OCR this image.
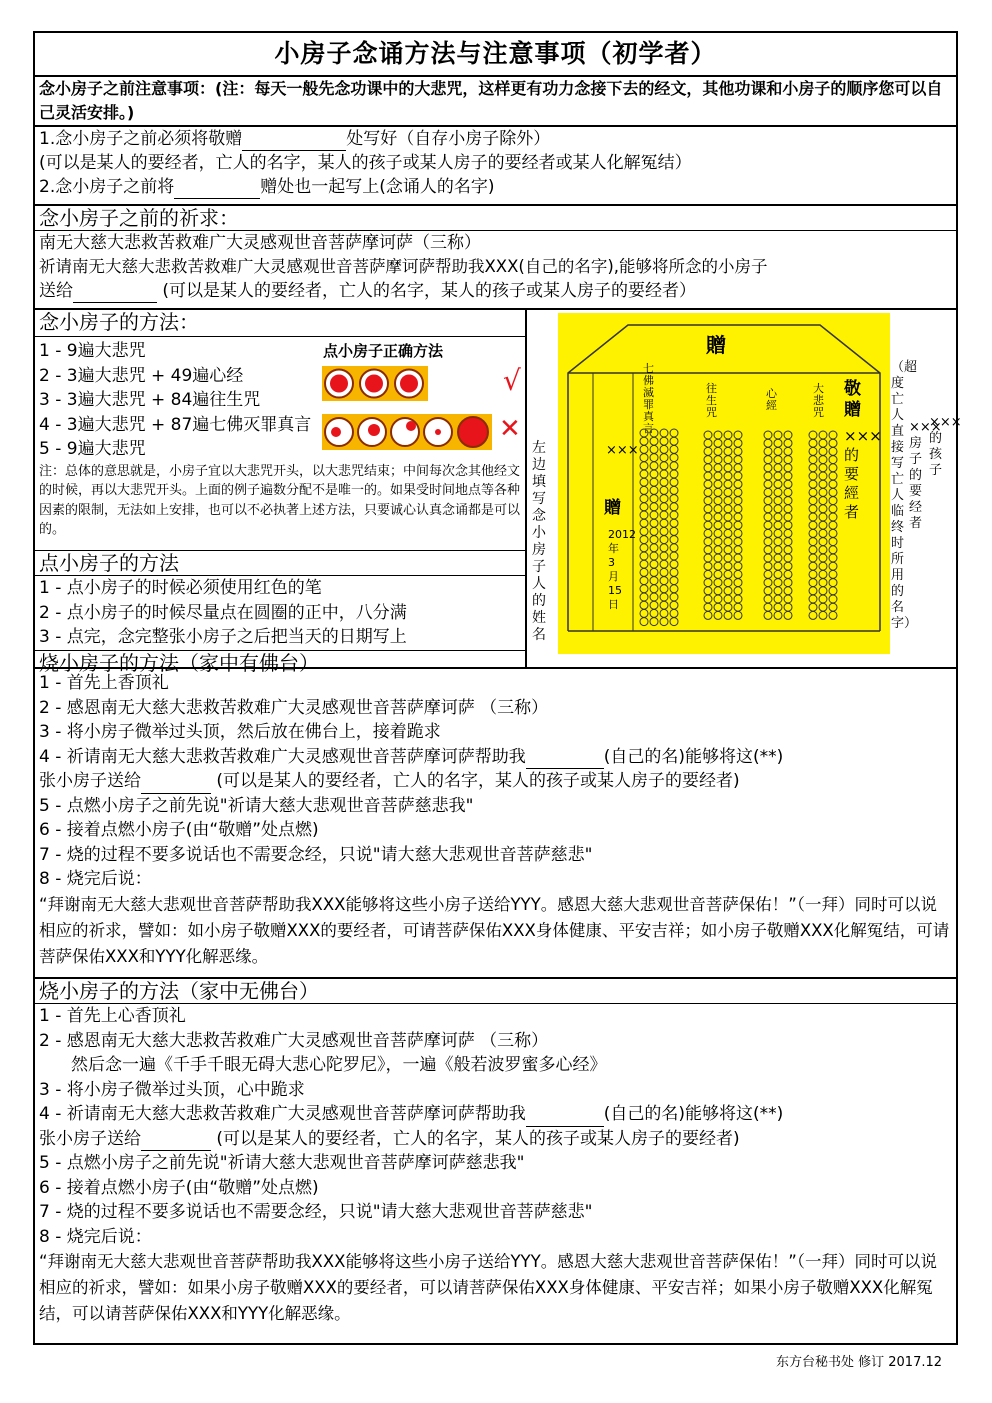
小房子念诵方法与注意事项（初学者）
念小房子之前注意事项：(注：每天一般先念功课中的大悲咒，这样更有功力念接下去的经文，其他功课和小房子的顺序您可以自己灵活安排。)
1.念小房子之前必须将敬赠	处写好（自存小房子除外）
(可以是某人的要经者，亡人的名字，某人的孩子或某人房子的要经者或某人化解冤结）
2.念小房子之前将	赠处也一起写上(念诵人的名字)
念小房子之前的祈求：
南无大慈大悲救苦救难广大灵感观世音菩萨摩诃萨（三称）
祈请南无大慈大悲救苦救难广大灵感观世音菩萨摩诃萨帮助我XXX(自己的名字),能够将所念的小房子
送给	(可以是某人的要经者，亡人的名字，某人的孩子或某人房子的要经者）
念小房子的方法：
1 - 9遍大悲咒
2 - 3遍大悲咒 + 49遍心经
3 - 3遍大悲咒 + 84遍往生咒
4 - 3遍大悲咒 + 87遍七佛灭罪真言
5 - 9遍大悲咒
注：总体的意思就是，小房子宜以大悲咒开头，以大悲咒结束；中间每次念其他经文的时候，再以大悲咒开头。上面的例子遍数分配不是唯一的。如果受时间地点等各种因素的限制，无法如上安排，也可以不必执著上述方法，只要诚心认真念诵都是可以的。
点小房子正确方法
√
✕
点小房子的方法
1 - 点小房子的时候必须使用红色的笔
2 - 点小房子的时候尽量点在圆圈的正中，八分满
3 - 点完，念完整张小房子之后把当天的日期写上
烧小房子的方法（家中有佛台）
左边填写念小房子人的姓名
贈
七佛滅罪真言
往生咒
心經
大悲咒
敬贈
×××的要經者
×××
贈
2012年3月15日
（超度亡人直接写亡人临终时所用的名字）
×××房子的要经者
×××的孩子
1 - 首先上香顶礼
2 - 感恩南无大慈大悲救苦救难广大灵感观世音菩萨摩诃萨 （三称）
3 - 将小房子微举过头顶，然后放在佛台上，接着跪求
4 - 祈请南无大慈大悲救苦救难广大灵感观世音菩萨摩诃萨帮助我	(自己的名)能够将这(**)
张小房子送给	(可以是某人的要经者，亡人的名字，某人的孩子或某人房子的要经者)
5 - 点燃小房子之前先说"祈请大慈大悲观世音菩萨慈悲我"
6 - 接着点燃小房子(由“敬赠”处点燃)
7 - 烧的过程不要多说话也不需要念经，只说"请大慈大悲观世音菩萨慈悲"
8 - 烧完后说：
“拜谢南无大慈大悲观世音菩萨帮助我XXX能够将这些小房子送给YYY。感恩大慈大悲观世音菩萨保佑！”（一拜）同时可以说相应的祈求，譬如：如小房子敬赠XXX的要经者，可请菩萨保佑XXX身体健康、平安吉祥；如小房子敬赠XXX化解冤结，可请菩萨保佑XXX和YYY化解恶缘。
烧小房子的方法（家中无佛台）
1 - 首先上心香顶礼
2 - 感恩南无大慈大悲救苦救难广大灵感观世音菩萨摩诃萨 （三称）
然后念一遍《千手千眼无碍大悲心陀罗尼》，一遍《般若波罗蜜多心经》
3 - 将小房子微举过头顶，心中跪求
4 - 祈请南无大慈大悲救苦救难广大灵感观世音菩萨摩诃萨帮助我	(自己的名)能够将这(**)
张小房子送给	(可以是某人的要经者，亡人的名字，某人的孩子或某人房子的要经者)
5 - 点燃小房子之前先说"祈请大慈大悲观世音菩萨摩诃萨慈悲我"
6 - 接着点燃小房子(由“敬赠”处点燃)
7 - 烧的过程不要多说话也不需要念经，只说"请大慈大悲观世音菩萨慈悲"
8 - 烧完后说：
“拜谢南无大慈大悲观世音菩萨帮助我XXX能够将这些小房子送给YYY。感恩大慈大悲观世音菩萨保佑！”（一拜）同时可以说相应的祈求，譬如：如果小房子敬赠XXX的要经者，可以请菩萨保佑XXX身体健康、平安吉祥；如果小房子敬赠XXX化解冤结，可以请菩萨保佑XXX和YYY化解恶缘。
东方台秘书处 修订 2017.12
